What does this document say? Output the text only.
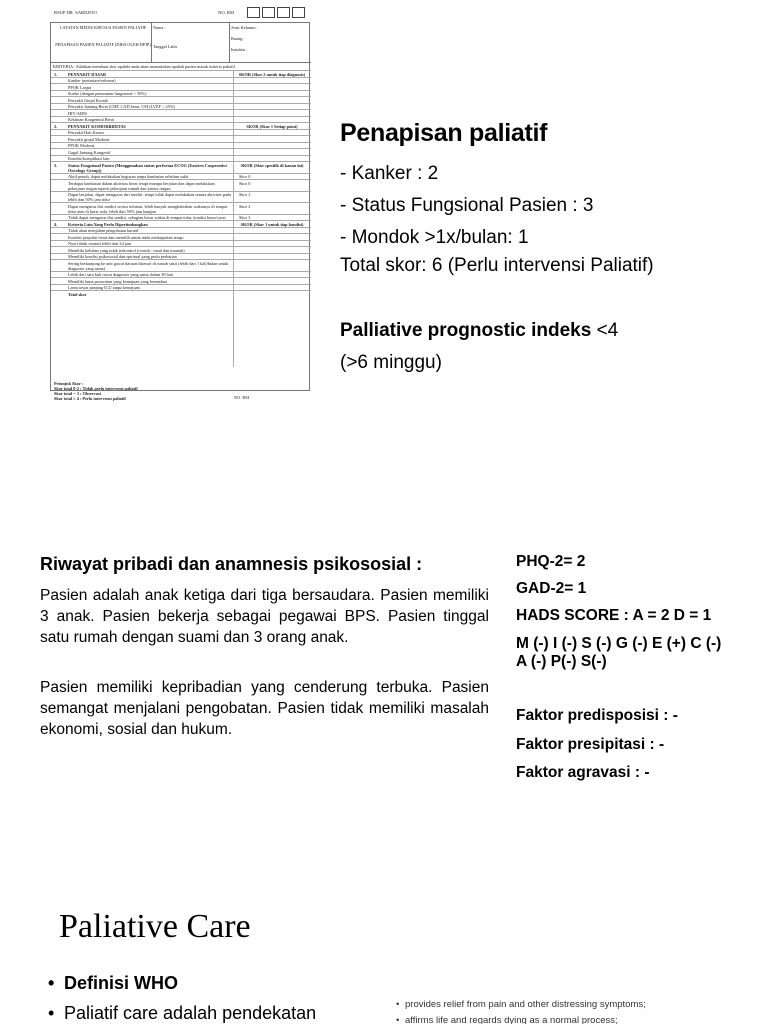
RSUP DR. SARDJITO	NO. RM
CATATAN MEDIS KHUSUS PASIEN PALIATIF
PENAPISAN PASIEN PALIATIF (DIISI OLEH DPJP)
Nama :
Tanggal Lahir
Jenis Kelamin :
Ruang :
Instalasi :
KRITERIA : Silahkan membuat skor apabila anda akan menentukan apakah pasien masuk kriteria paliatif
1.	PENYAKIT DASAR	SKOR (Skor 2 untuk tiap diagnosis)
Kanker (metastase/rekuren)
PPOK Lanjut
Stroke (dengan penurunan fungsional < 50%)
Penyakit Ginjal Kronik
Penyakit Jantung Berat (CHF, CAD berat, CM (LVEF < 25%)
HIV/AIDS
Kelainan Kongenital Berat
2.	PENYAKIT KOMORBIDITAS	SKOR (Skor 1 Setiap point)
Penyakit Hati Kronis
Penyakit ginjal Moderat
PPOK Moderat
Gagal Jantung Kongestif
Kondisi/komplikasi lain
3.	Status Fungsional Pasien (Menggunakan status performa ECOG (Eastern Cooperative Oncology Group))
SKOR (Skor spesifik di kanan ini)
Aktif penuh, dapat melakukan kegiatan tanpa hambatan sebelum sakit	Skor 0
Terdapat hambatan dalam aktivitas berat tetapi mampu berjalan dan dapat melakukan pekerjaan ringan seperti pekerjaan rumah dan kantor ringan
Skor 0
Dapat berjalan, dapat mengurus diri sendiri, tetapi tidak dapat melakukan semua aktivitas pada lebih dari 50% jam tidur
Skor 1
Dapat mengurus diri sendiri secara terbatas, lebih banyak menghabiskan waktunya di tempat tidur atau di kursi roda, lebih dari 50% jam bangun
Skor 2
Tidak dapat mengurus diri sendiri, sebagian besar waktu di tempat tidur, kondisi berat/cacat	Skor 3
4.	Kriteria Lain Yang Perlu Dipertimbangkan	SKOR (Skor 1 untuk tiap kondisi)
Tidak akan menjalani pengobatan kuratif
Kondisi penyakit berat dan memilih untuk tidak melanjutkan terapi
Nyeri tidak teratasi lebih dari 24 jam
Memiliki keluhan yang tidak terkontrol (contoh : mual dan muntah)
Memiliki kondisi psikososial dan spiritual yang perlu perhatian
Sering berkunjung ke unit gawat darurat/dirawat di rumah sakit (lebih dari 1 kali/bulan untuk diagnosis yang sama)
Lebih dari satu kali rawat diagnosis yang sama dalam 30 hari
Memiliki lama perawatan yang kemajuan yang bermakna
Lama rawat panjang ICU tanpa kemajuan
Total skor
Petunjuk Skor :
Skor total 0-2 : Tidak perlu intervensi paliatif
Skor total = 3 : Observasi
Skor total ≥ 4 : Perlu intervensi paliatif	NO. RM
Penapisan paliatif
- Kanker : 2
- Status Fungsional Pasien : 3
- Mondok >1x/bulan: 1
Total skor: 6 (Perlu intervensi Paliatif)
Palliative prognostic indeks <4
(>6 minggu)
Riwayat pribadi dan anamnesis psikososial :

Pasien adalah anak ketiga dari tiga bersaudara. Pasien memiliki 3 anak. Pasien bekerja sebagai pegawai BPS. Pasien tinggal satu rumah dengan suami dan 3 orang anak.

Pasien memiliki kepribadian yang cenderung terbuka. Pasien semangat menjalani pengobatan. Pasien tidak memiliki masalah ekonomi, sosial dan hukum.

PHQ-2= 2
GAD-2= 1
HADS SCORE : A = 2 D = 1
M (-) I (-) S (-) G (-) E (+) C (-) A (-) P(-) S(-)
Faktor predisposisi : -
Faktor presipitasi : -
Faktor agravasi : -
Paliative Care
• Definisi WHO
• Paliatif care adalah pendekatan
•	provides relief from pain and other distressing symptoms;
• affirms life and regards dying as a normal process;
